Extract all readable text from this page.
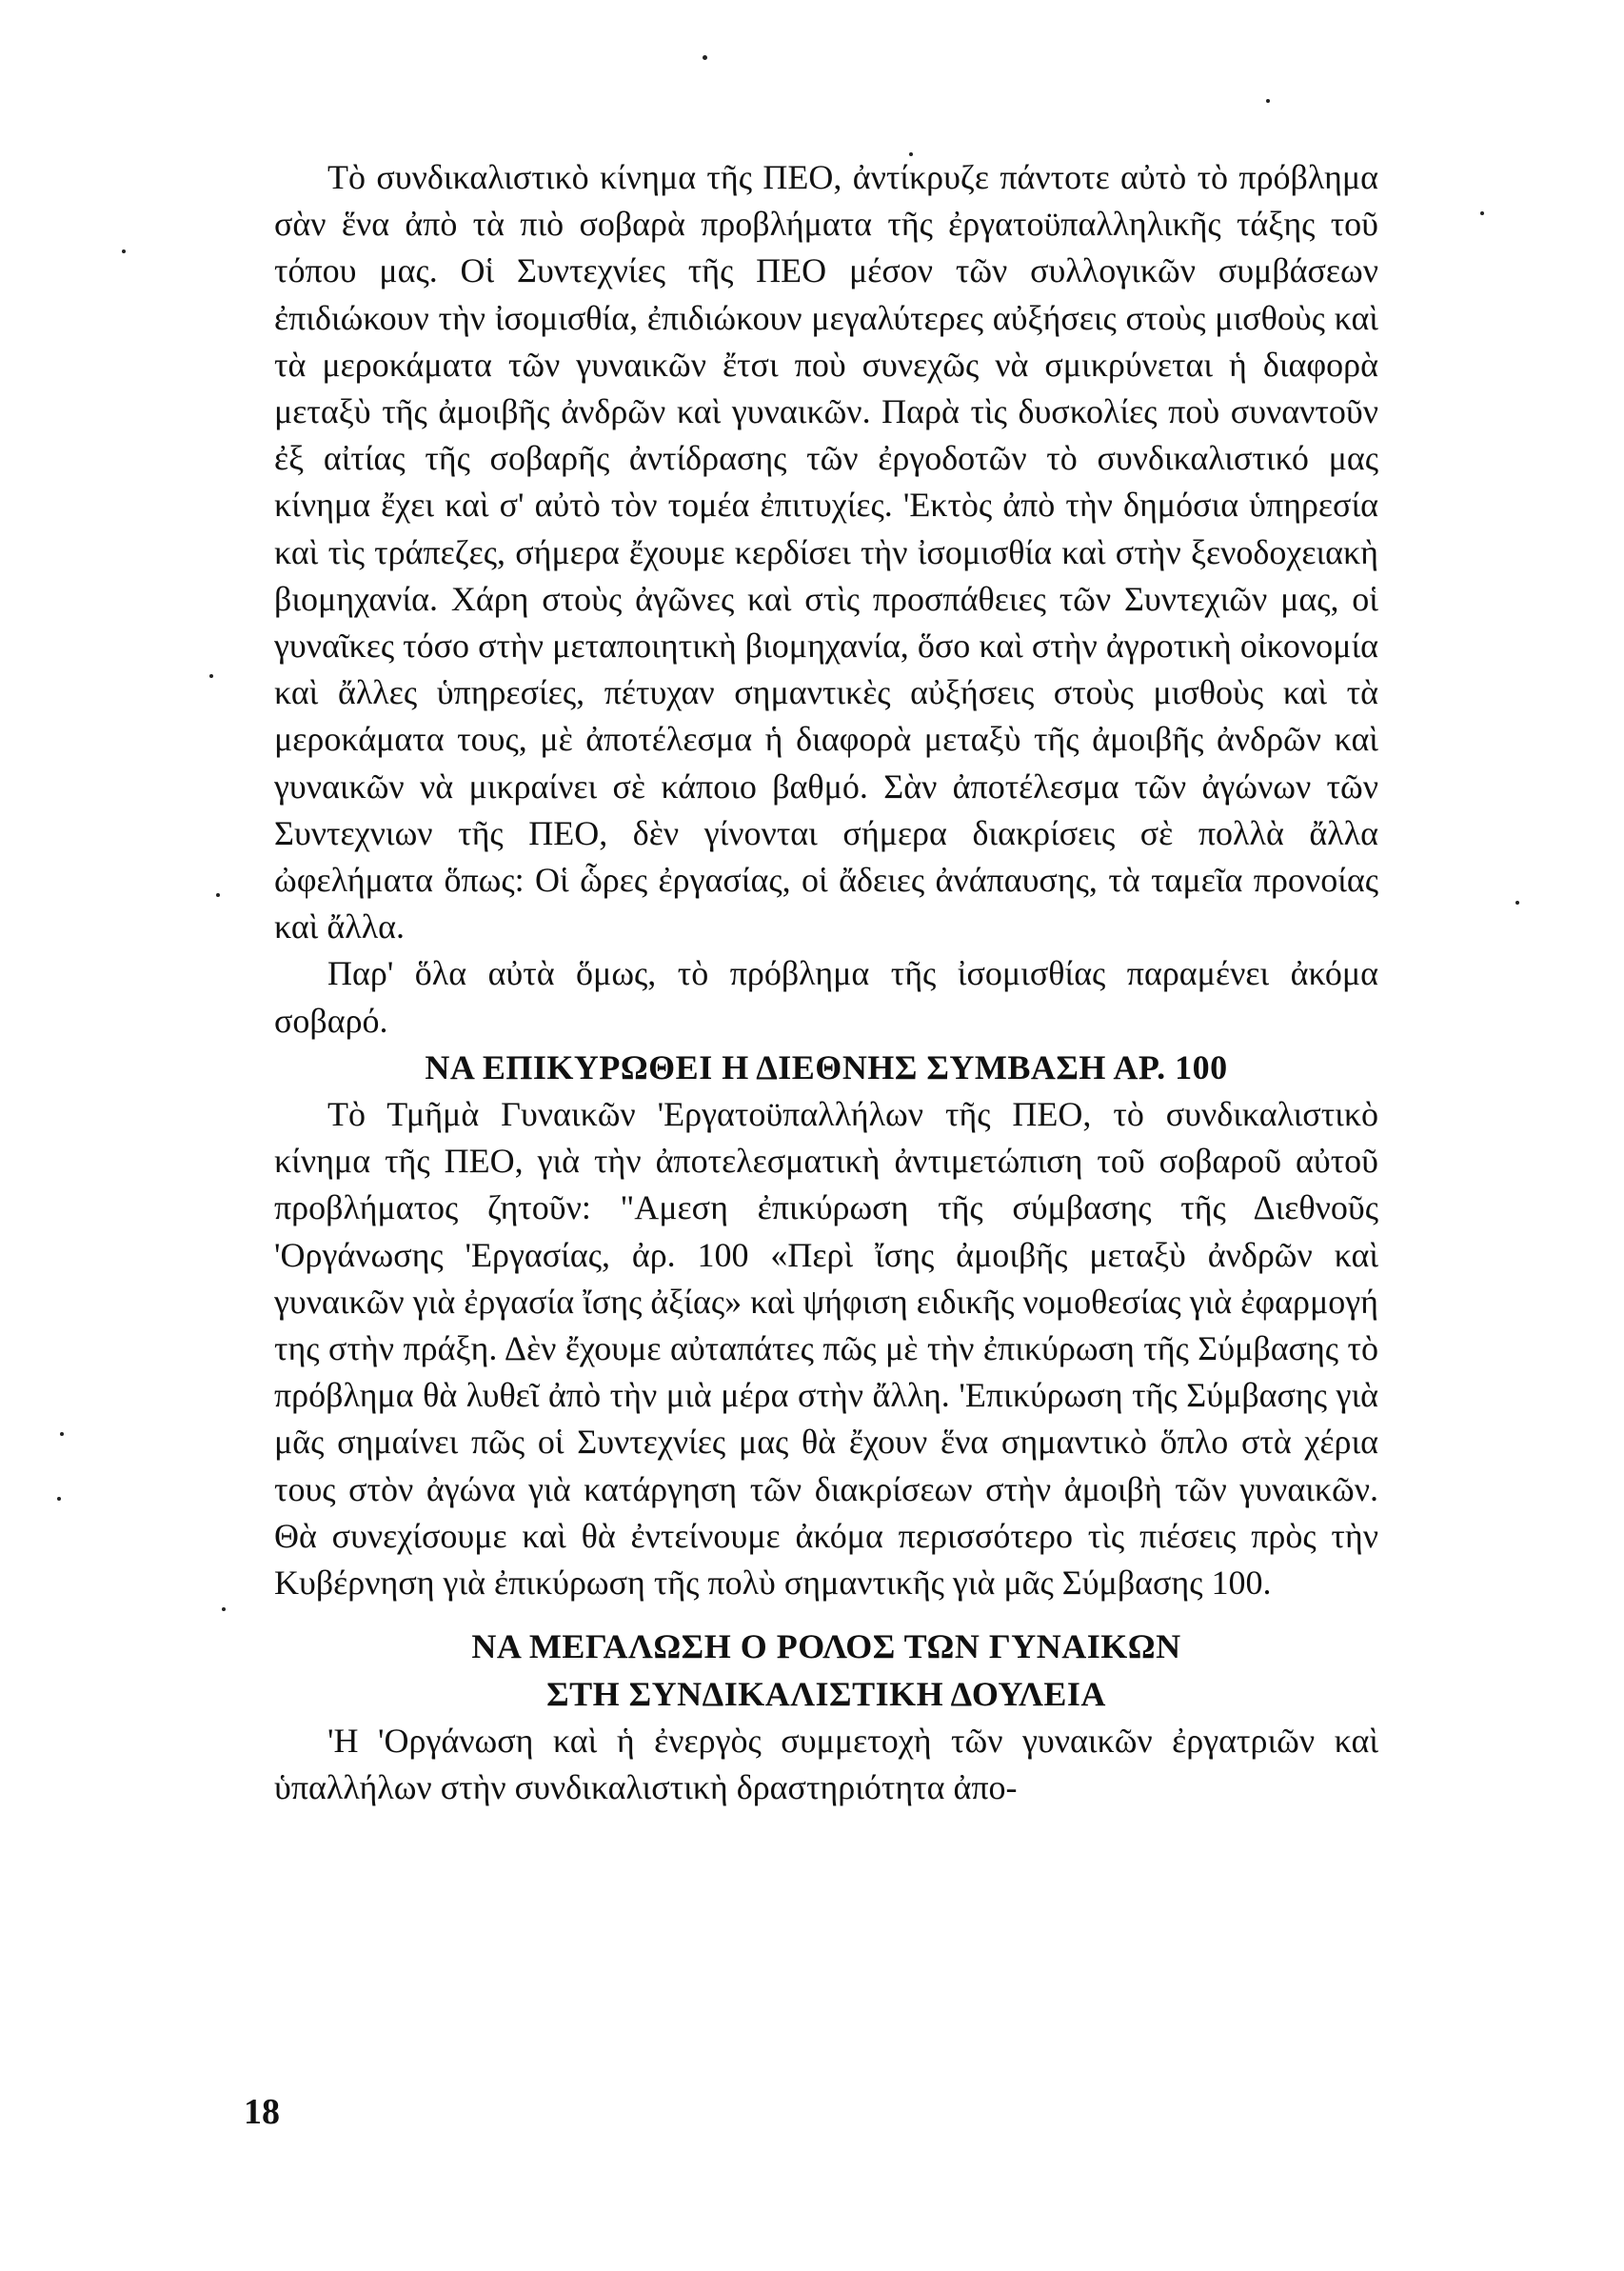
Τὸ συνδικαλιστικὸ κίνημα τῆς ΠΕΟ, ἀντίκρυζε πάντοτε αὐτὸ τὸ πρόβλημα σὰν ἕνα ἀπὸ τὰ πιὸ σοβαρὰ προβλήματα τῆς ἐργατοϋπαλληλικῆς τάξης τοῦ τόπου μας. Οἱ Συντεχνίες τῆς ΠΕΟ μέσον τῶν συλλογικῶν συμβάσεων ἐπιδιώκουν τὴν ἰσομισθία, ἐπιδιώκουν μεγαλύτερες αὐξήσεις στοὺς μισθοὺς καὶ τὰ μεροκάματα τῶν γυναικῶν ἔτσι ποὺ συνεχῶς νὰ σμικρύνεται ἡ διαφορὰ μεταξὺ τῆς ἀμοιβῆς ἀνδρῶν καὶ γυναικῶν. Παρὰ τὶς δυσκολίες ποὺ συναντοῦν ἐξ αἰτίας τῆς σοβαρῆς ἀντίδρασης τῶν ἐργοδοτῶν τὸ συνδικαλιστικό μας κίνημα ἔχει καὶ σ' αὐτὸ τὸν τομέα ἐπιτυχίες. 'Εκτὸς ἀπὸ τὴν δημόσια ὑπηρεσία καὶ τὶς τράπεζες, σήμερα ἔχουμε κερδίσει τὴν ἰσομισθία καὶ στὴν ξενοδοχειακὴ βιομηχανία. Χάρη στοὺς ἀγῶνες καὶ στὶς προσπάθειες τῶν Συντεχιῶν μας, οἱ γυναῖκες τόσο στὴν μεταποιητικὴ βιομηχανία, ὅσο καὶ στὴν ἀγροτικὴ οἰκονομία καὶ ἄλλες ὑπηρεσίες, πέτυχαν σημαντικὲς αὐξήσεις στοὺς μισθοὺς καὶ τὰ μεροκάματα τους, μὲ ἀποτέλεσμα ἡ διαφορὰ μεταξὺ τῆς ἀμοιβῆς ἀνδρῶν καὶ γυναικῶν νὰ μικραίνει σὲ κάποιο βαθμό. Σὰν ἀποτέλεσμα τῶν ἀγώνων τῶν Συντεχνιων τῆς ΠΕΟ, δὲν γίνονται σήμερα διακρίσεις σὲ πολλὰ ἄλλα ὠφελήματα ὅπως: Οἱ ὧρες ἐργασίας, οἱ ἄδειες ἀνάπαυσης, τὰ ταμεῖα προνοίας καὶ ἄλλα.

Παρ' ὅλα αὐτὰ ὅμως, τὸ πρόβλημα τῆς ἰσομισθίας παραμένει ἀκόμα σοβαρό.

ΝΑ ΕΠΙΚΥΡΩΘΕΙ Η ΔΙΕΘΝΗΣ ΣΥΜΒΑΣΗ ΑΡ. 100

Τὸ Τμῆμὰ Γυναικῶν 'Εργατοϋπαλλήλων τῆς ΠΕΟ, τὸ συνδικαλιστικὸ κίνημα τῆς ΠΕΟ, γιὰ τὴν ἀποτελεσματικὴ ἀντιμετώπιση τοῦ σοβαροῦ αὐτοῦ προβλήματος ζητοῦν: "Αμεση ἐπικύρωση τῆς σύμβασης τῆς Διεθνοῦς 'Οργάνωσης 'Εργασίας, ἀρ. 100 «Περὶ ἴσης ἀμοιβῆς μεταξὺ ἀνδρῶν καὶ γυναικῶν γιὰ ἐργασία ἴσης ἀξίας» καὶ ψήφιση ειδικῆς νομοθεσίας γιὰ ἐφαρμογή της στὴν πράξη. Δὲν ἔχουμε αὐταπάτες πῶς μὲ τὴν ἐπικύρωση τῆς Σύμβασης τὸ πρόβλημα θὰ λυθεῖ ἀπὸ τὴν μιὰ μέρα στὴν ἄλλη. 'Επικύρωση τῆς Σύμβασης γιὰ μᾶς σημαίνει πῶς οἱ Συντεχνίες μας θὰ ἔχουν ἕνα σημαντικὸ ὅπλο στὰ χέρια τους στὸν ἀγώνα γιὰ κατάργηση τῶν διακρίσεων στὴν ἀμοιβὴ τῶν γυναικῶν. Θὰ συνεχίσουμε καὶ θὰ ἐντείνουμε ἀκόμα περισσότερο τὶς πιέσεις πρὸς τὴν Κυβέρνηση γιὰ ἐπικύρωση τῆς πολὺ σημαντικῆς γιὰ μᾶς Σύμβασης 100.

ΝΑ ΜΕΓΑΛΩΣΗ Ο ΡΟΛΟΣ ΤΩΝ ΓΥΝΑΙΚΩΝ
ΣΤΗ ΣΥΝΔΙΚΑΛΙΣΤΙΚΗ ΔΟΥΛΕΙΑ

'Η 'Οργάνωση καὶ ἡ ἐνεργὸς συμμετοχὴ τῶν γυναικῶν ἐργατριῶν καὶ ὑπαλλήλων στὴν συνδικαλιστικὴ δραστηριότητα ἀπο-

18
